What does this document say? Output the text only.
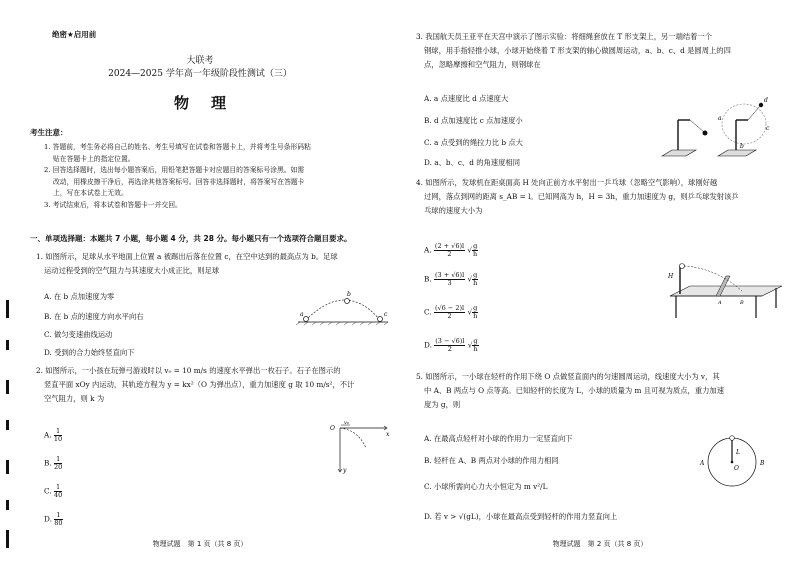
绝密★启用前
大联考
2024—2025 学年高一年级阶段性测试（三）
物理
考生注意：

1. 答题前，考生务必将自己的姓名、考生号填写在试卷和答题卡上，并将考生号条形码粘

贴在答题卡上的指定位置。

2. 回答选择题时，选出每小题答案后，用铅笔把答题卡对应题目的答案标号涂黑。如需

改动，用橡皮擦干净后，再选涂其他答案标号。回答非选择题时，将答案写在答题卡

上，写在本试卷上无效。

3. 考试结束后，将本试卷和答题卡一并交回。

一、单项选择题：本题共 7 小题，每小题 4 分，共 28 分。每小题只有一个选项符合题目要求。
1. 如图所示，足球从水平地面上位置 a 被踢出后落在位置 c，在空中达到的最高点为 b。足球
运动过程受到的空气阻力与其速度大小成正比，则足球
A. 在 b 点加速度为零
B. 在 b 点的速度方向水平向右
C. 做匀变速曲线运动
D. 受到的合力始终竖直向下
a
b
c
2. 如图所示，一小孩在玩弹弓游戏时以 v₀ = 10 m/s 的速度水平弹出一枚石子。石子在图示的
竖直平面 xOy 内运动，其轨迹方程为 y = kx²（O 为弹出点），重力加速度 g 取 10 m/s²，不计
空气阻力，则 k 为
A. $\frac{1}{10}$
B. $\frac{1}{20}$
C. $\frac{1}{40}$
D. $\frac{1}{80}$
O
v₀
x
y
物理试题　第 1 页（共 8 页）
3. 我国航天员王亚平在天宫中演示了图示实验：将细绳套放在 T 形支架上，另一端结着一个
钢球，用手指轻推小球，小球开始绕着 T 形支架的轴心做圆周运动，a、b、c、d 是圆周上的四
点，忽略摩擦和空气阻力，则钢球在
A. a 点速度比 d 点速度大
B. d 点加速度比 c 点加速度小
C. a 点受到的绳拉力比 b 点大
D. a、b、c、d 的角速度相同
d
a
b
c
4. 如图所示，发球机在距桌面高 H 处向正前方水平射出一乒乓球（忽略空气影响），球刚好越
过网，落点到网的距离 s_AB = l。已知网高为 h，H = 3h，重力加速度为 g，则乒乓球发射该乒
乓球的速度大小为
A. $\frac{(2 + √6)l}{2}$ √ $\frac{g}{h}$
B. $\frac{(3 + √6)l}{3}$ √ $\frac{g}{h}$
C. $\frac{(√6 - 2)l}{2}$ √ $\frac{g}{h}$
D. $\frac{(3 - √6)l}{2}$ √ $\frac{g}{h}$
H
A	B
5. 如图所示，一小球在轻杆的作用下绕 O 点做竖直面内的匀速圆周运动，线速度大小为 v，其
中 A、B 两点与 O 点等高。已知轻杆的长度为 L，小球的质量为 m 且可视为质点，重力加速
度为 g，则
A. 在最高点轻杆对小球的作用力一定竖直向下
B. 轻杆在 A、B 两点对小球的作用力相同
C. 小球所需向心力大小恒定为 m v²/L
D. 若 v > √(gL)，小球在最高点受到轻杆的作用力竖直向上
L
O
A	B
物理试题　第 2 页（共 8 页）
